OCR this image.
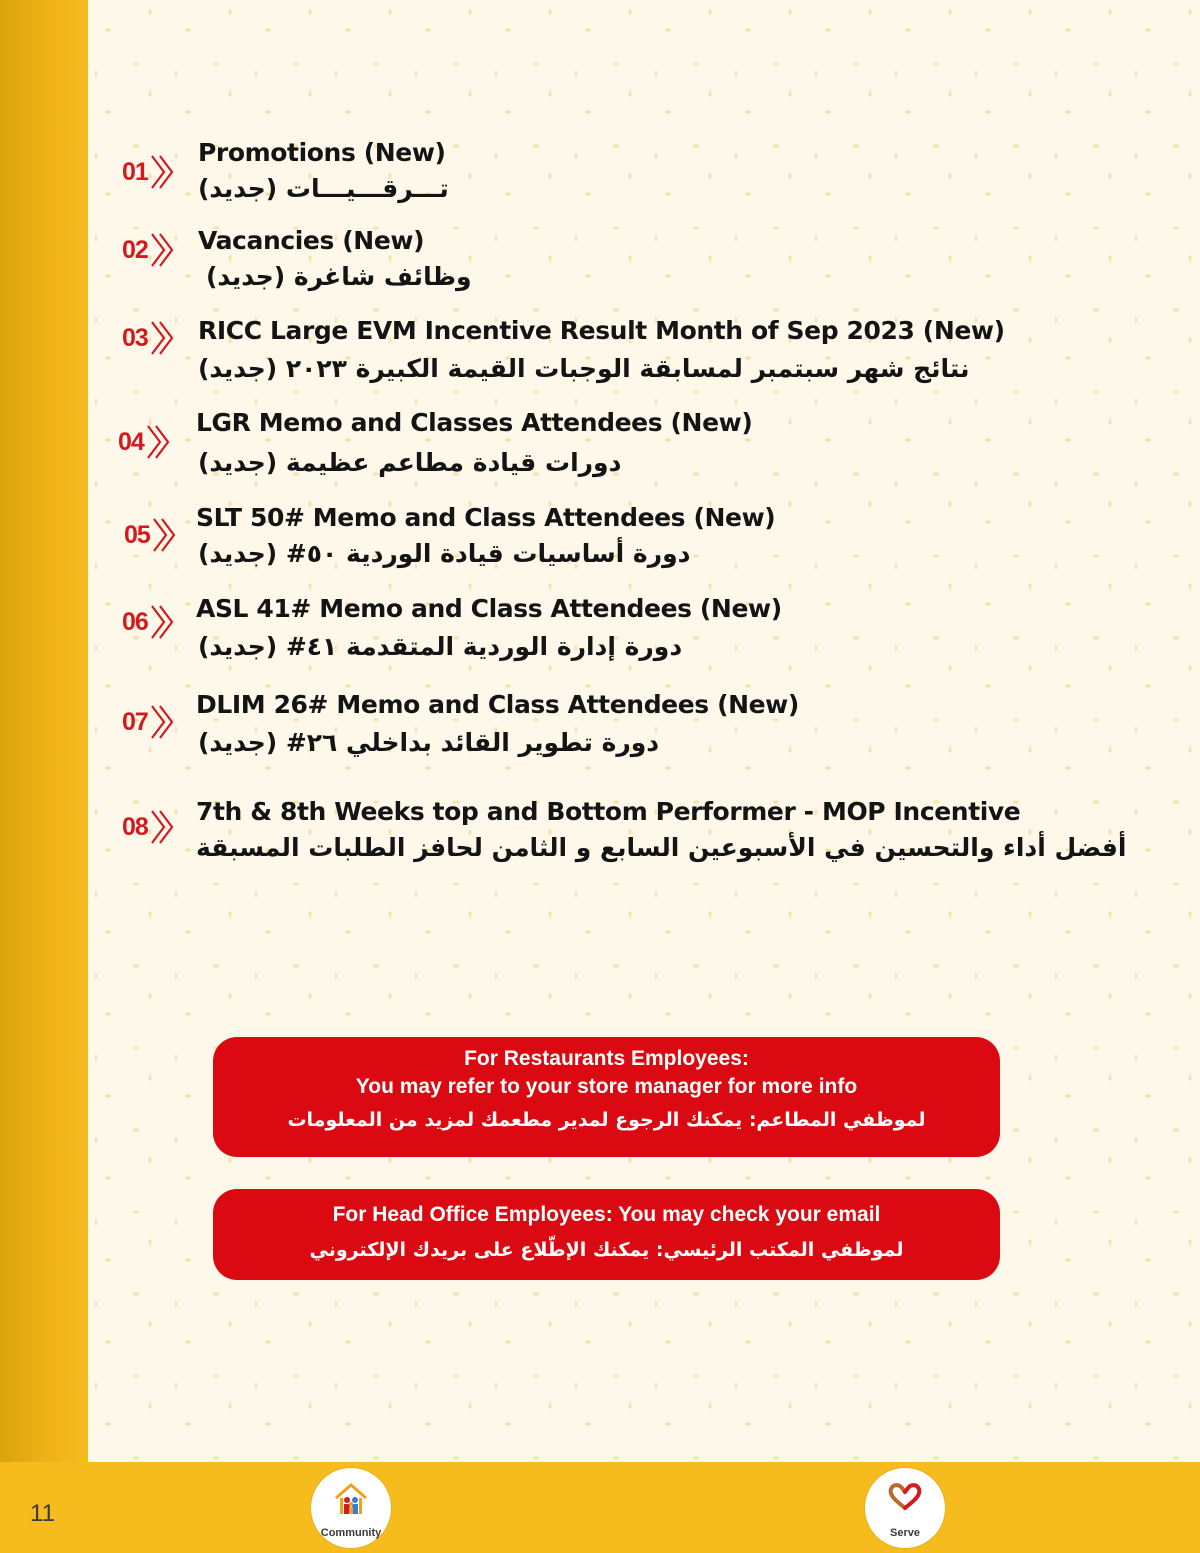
01
Promotions (New)
تـــرقـــيـــات (جديد)
02 Vacancies (New)
وظائف شاغرة (جديد)
03 RICC Large EVM Incentive Result Month of Sep 2023 (New)
نتائج شهر سبتمبر لمسابقة الوجبات القيمة الكبيرة ٢٠٢٣ (جديد)
04
LGR Memo and Classes Attendees (New)
دورات قيادة مطاعم عظيمة (جديد)
05
SLT 50# Memo and Class Attendees (New)
دورة أساسيات قيادة الوردية ٥٠# (جديد)
06 ASL 41# Memo and Class Attendees (New)
دورة إدارة الوردية المتقدمة ٤١# (جديد)
07
DLIM 26# Memo and Class Attendees (New)
دورة تطوير القائد بداخلي ٢٦# (جديد)
08
7th & 8th Weeks top and Bottom Performer - MOP Incentive
أفضل أداء والتحسين في الأسبوعين السابع و الثامن لحافز الطلبات المسبقة
For Restaurants Employees:
You may refer to your store manager for more info
لموظفي المطاعم: يمكنك الرجوع لمدير مطعمك لمزيد من المعلومات
For Head Office Employees: You may check your email
لموظفي المكتب الرئيسي: يمكنك الإطّلاع على بريدك الإلكتروني
11
Community	Serve
